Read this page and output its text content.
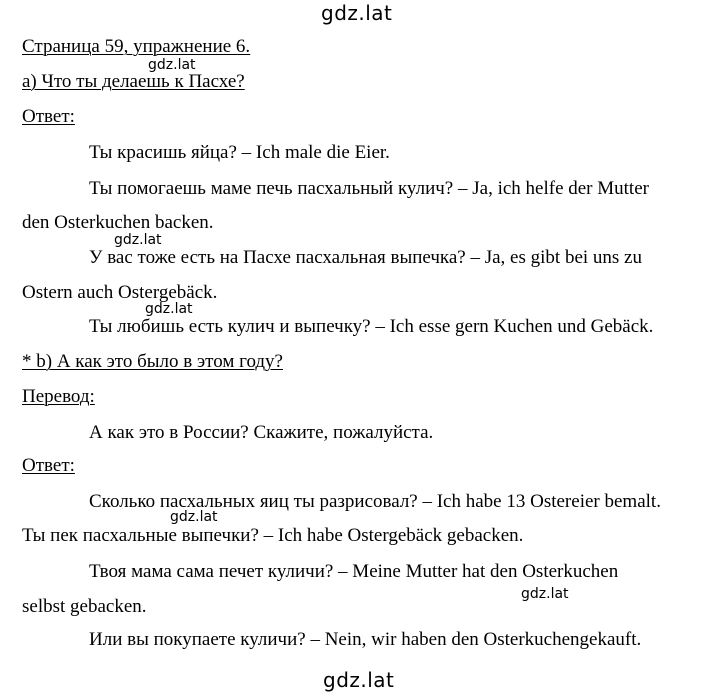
gdz.lat
gdz.lat
gdz.lat
gdz.lat
gdz.lat
gdz.lat
gdz.lat
Страница 59, упражнение 6.
а) Что ты делаешь к Пасхе?
Ответ:
Ты красишь яйца? – Ich male die Eier.
Ты помогаешь маме печь пасхальный кулич? – Ja, ich helfe der Mutter
den Osterkuchen backen.
У вас тоже есть на Пасхе пасхальная выпечка? – Ja, es gibt bei uns zu
Ostern auch Ostergebäck.
Ты любишь есть кулич и выпечку? – Ich esse gern Kuchen und Gebäck.
* b) А как это было в этом году?
Перевод:
А как это в России? Скажите, пожалуйста.
Ответ:
Сколько пасхальных яиц ты разрисовал? – Ich habe 13 Ostereier bemalt.
Ты пек пасхальные выпечки? – Ich habe Ostergebäck gebacken.
Твоя мама сама печет куличи? – Meine Mutter hat den Osterkuchen
selbst gebacken.
Или вы покупаете куличи? – Nein, wir haben den Osterkuchengekauft.
